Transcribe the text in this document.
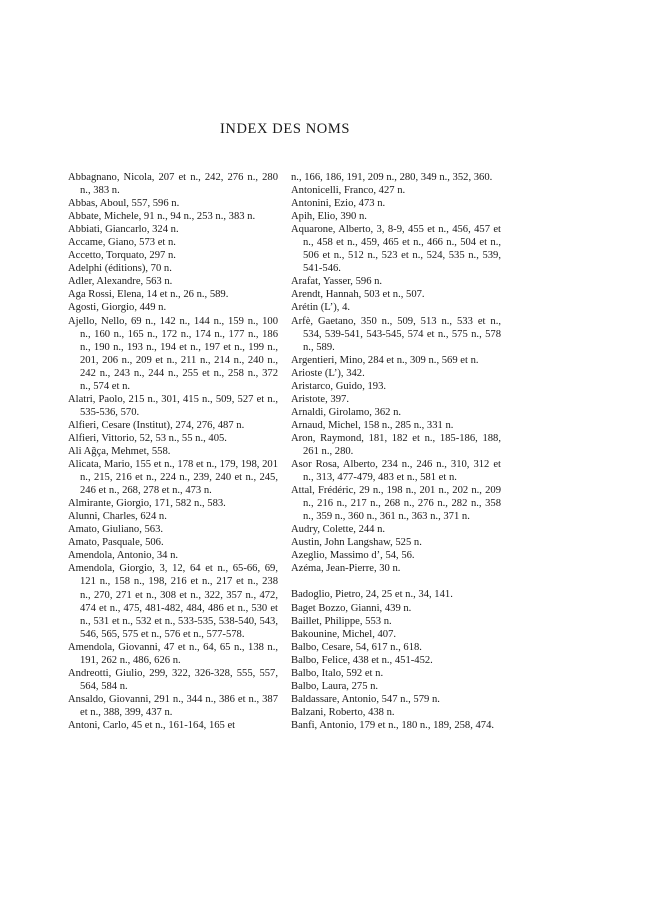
INDEX DES NOMS

Abbagnano, Nicola, 207 et n., 242, 276 n., 280 n., 383 n.

Abbas, Aboul, 557, 596 n.

Abbate, Michele, 91 n., 94 n., 253 n., 383 n.

Abbiati, Giancarlo, 324 n.

Accame, Giano, 573 et n.

Accetto, Torquato, 297 n.

Adelphi (éditions), 70 n.

Adler, Alexandre, 563 n.

Aga Rossi, Elena, 14 et n., 26 n., 589.

Agosti, Giorgio, 449 n.

Ajello, Nello, 69 n., 142 n., 144 n., 159 n., 100 n., 160 n., 165 n., 172 n., 174 n., 177 n., 186 n., 190 n., 193 n., 194 et n., 197 et n., 199 n., 201, 206 n., 209 et n., 211 n., 214 n., 240 n., 242 n., 243 n., 244 n., 255 et n., 258 n., 372 n., 574 et n.

Alatri, Paolo, 215 n., 301, 415 n., 509, 527 et n., 535-536, 570.

Alfieri, Cesare (Institut), 274, 276, 487 n.

Alfieri, Vittorio, 52, 53 n., 55 n., 405.

Ali Ağça, Mehmet, 558.

Alicata, Mario, 155 et n., 178 et n., 179, 198, 201 n., 215, 216 et n., 224 n., 239, 240 et n., 245, 246 et n., 268, 278 et n., 473 n.

Almirante, Giorgio, 171, 582 n., 583.

Alunni, Charles, 624 n.

Amato, Giuliano, 563.

Amato, Pasquale, 506.

Amendola, Antonio, 34 n.

Amendola, Giorgio, 3, 12, 64 et n., 65-66, 69, 121 n., 158 n., 198, 216 et n., 217 et n., 238 n., 270, 271 et n., 308 et n., 322, 357 n., 472, 474 et n., 475, 481-482, 484, 486 et n., 530 et n., 531 et n., 532 et n., 533-535, 538-540, 543, 546, 565, 575 et n., 576 et n., 577-578.

Amendola, Giovanni, 47 et n., 64, 65 n., 138 n., 191, 262 n., 486, 626 n.

Andreotti, Giulio, 299, 322, 326-328, 555, 557, 564, 584 n.

Ansaldo, Giovanni, 291 n., 344 n., 386 et n., 387 et n., 388, 399, 437 n.

Antoni, Carlo, 45 et n., 161-164, 165 et

n., 166, 186, 191, 209 n., 280, 349 n., 352, 360.

Antonicelli, Franco, 427 n.

Antonini, Ezio, 473 n.

Apih, Elio, 390 n.

Aquarone, Alberto, 3, 8-9, 455 et n., 456, 457 et n., 458 et n., 459, 465 et n., 466 n., 504 et n., 506 et n., 512 n., 523 et n., 524, 535 n., 539, 541-546.

Arafat, Yasser, 596 n.

Arendt, Hannah, 503 et n., 507.

Arétin (L’), 4.

Arfè, Gaetano, 350 n., 509, 513 n., 533 et n., 534, 539-541, 543-545, 574 et n., 575 n., 578 n., 589.

Argentieri, Mino, 284 et n., 309 n., 569 et n.

Arioste (L’), 342.

Aristarco, Guido, 193.

Aristote, 397.

Arnaldi, Girolamo, 362 n.

Arnaud, Michel, 158 n., 285 n., 331 n.

Aron, Raymond, 181, 182 et n., 185-186, 188, 261 n., 280.

Asor Rosa, Alberto, 234 n., 246 n., 310, 312 et n., 313, 477-479, 483 et n., 581 et n.

Attal, Frédéric, 29 n., 198 n., 201 n., 202 n., 209 n., 216 n., 217 n., 268 n., 276 n., 282 n., 358 n., 359 n., 360 n., 361 n., 363 n., 371 n.

Audry, Colette, 244 n.

Austin, John Langshaw, 525 n.

Azeglio, Massimo d’, 54, 56.

Azéma, Jean-Pierre, 30 n.

Badoglio, Pietro, 24, 25 et n., 34, 141.

Baget Bozzo, Gianni, 439 n.

Baillet, Philippe, 553 n.

Bakounine, Michel, 407.

Balbo, Cesare, 54, 617 n., 618.

Balbo, Felice, 438 et n., 451-452.

Balbo, Italo, 592 et n.

Balbo, Laura, 275 n.

Baldassare, Antonio, 547 n., 579 n.

Balzani, Roberto, 438 n.

Banfi, Antonio, 179 et n., 180 n., 189, 258, 474.
